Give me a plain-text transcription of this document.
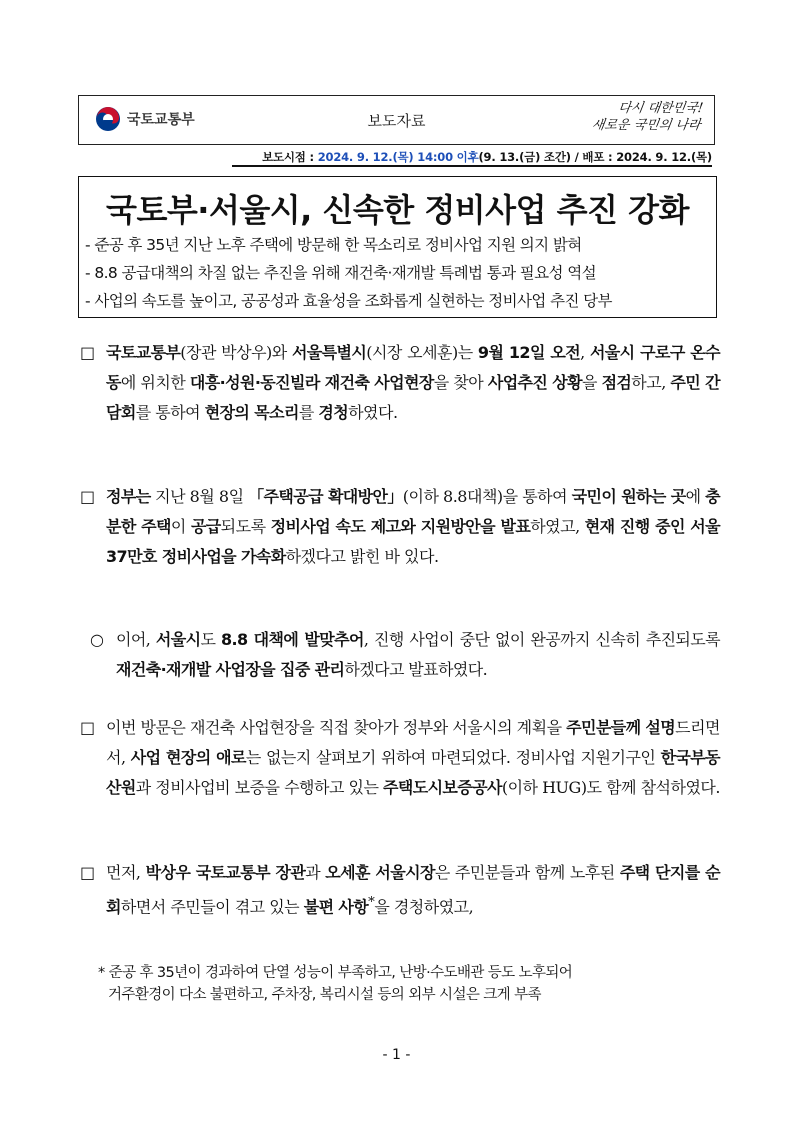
국토교통부	보도자료
다시 대한민국!
새로운 국민의 나라
보도시점 : 2024. 9. 12.(목) 14:00 이후(9. 13.(금) 조간) / 배포 : 2024. 9. 12.(목)
국토부·서울시, 신속한 정비사업 추진 강화
- 준공 후 35년 지난 노후 주택에 방문해 한 목소리로 정비사업 지원 의지 밝혀
- 8.8 공급대책의 차질 없는 추진을 위해 재건축·재개발 특례법 통과 필요성 역설
- 사업의 속도를 높이고, 공공성과 효율성을 조화롭게 실현하는 정비사업 추진 당부
□ 국토교통부(장관 박상우)와 서울특별시(시장 오세훈)는 9월 12일 오전, 서울시 구로구 온수동에 위치한 대흥·성원·동진빌라 재건축 사업현장을 찾아 사업추진 상황을 점검하고, 주민 간담회를 통하여 현장의 목소리를 경청하였다.
□ 정부는 지난 8월 8일 「주택공급 확대방안」(이하 8.8대책)을 통하여 국민이 원하는 곳에 충분한 주택이 공급되도록 정비사업 속도 제고와 지원방안을 발표하였고, 현재 진행 중인 서울 37만호 정비사업을 가속화하겠다고 밝힌 바 있다.
○ 이어, 서울시도 8.8 대책에 발맞추어, 진행 사업이 중단 없이 완공까지 신속히 추진되도록 재건축·재개발 사업장을 집중 관리하겠다고 발표하였다.
□ 이번 방문은 재건축 사업현장을 직접 찾아가 정부와 서울시의 계획을 주민분들께 설명드리면서, 사업 현장의 애로는 없는지 살펴보기 위하여 마련되었다. 정비사업 지원기구인 한국부동산원과 정비사업비 보증을 수행하고 있는 주택도시보증공사(이하 HUG)도 함께 참석하였다.
□ 먼저, 박상우 국토교통부 장관과 오세훈 서울시장은 주민분들과 함께 노후된 주택 단지를 순회하면서 주민들이 겪고 있는 불편 사항*을 경청하였고,
* 준공 후 35년이 경과하여 단열 성능이 부족하고, 난방·수도배관 등도 노후되어
거주환경이 다소 불편하고, 주차장, 복리시설 등의 외부 시설은 크게 부족
- 1 -
